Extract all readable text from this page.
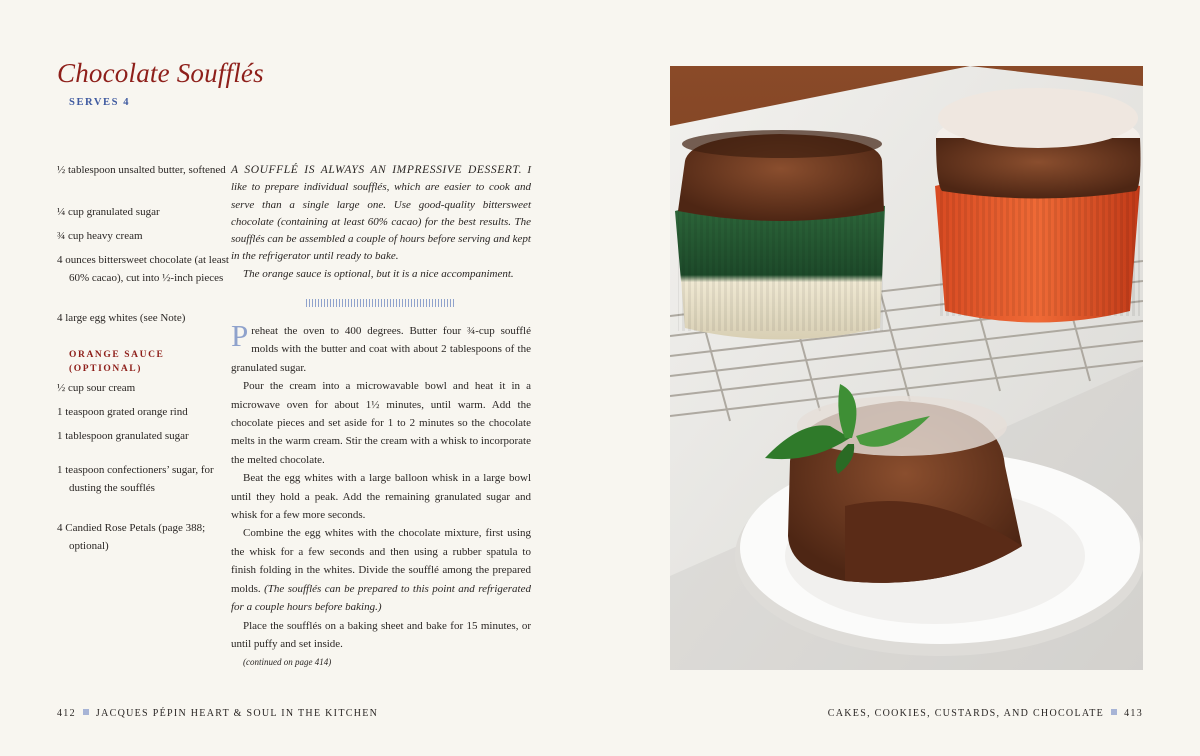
Chocolate Soufflés
SERVES 4
½ tablespoon unsalted butter, softened
¼ cup granulated sugar
¾ cup heavy cream
4 ounces bittersweet chocolate (at least 60% cacao), cut into ½-inch pieces
4 large egg whites (see Note)
ORANGE SAUCE
(OPTIONAL)
½ cup sour cream
1 teaspoon grated orange rind
1 tablespoon granulated sugar
1 teaspoon confectioners’ sugar, for dusting the soufflés
4 Candied Rose Petals (page 388; optional)

A SOUFFLÉ IS ALWAYS AN IMPRESSIVE DESSERT. I like to prepare individual soufflés, which are easier to cook and serve than a single large one. Use good-quality bittersweet chocolate (containing at least 60% cacao) for the best results. The soufflés can be assembled a couple of hours before serving and kept in the refrigerator until ready to bake.

The orange sauce is optional, but it is a nice accompaniment.

Preheat the oven to 400 degrees. Butter four ¾-cup soufflé molds with the butter and coat with about 2 tablespoons of the granulated sugar.

Pour the cream into a microwavable bowl and heat it in a microwave oven for about 1½ minutes, until warm. Add the chocolate pieces and set aside for 1 to 2 minutes so the chocolate melts in the warm cream. Stir the cream with a whisk to incorporate the melted chocolate.

Beat the egg whites with a large balloon whisk in a large bowl until they hold a peak. Add the remaining granulated sugar and whisk for a few more seconds.

Combine the egg whites with the chocolate mixture, first using the whisk for a few seconds and then using a rubber spatula to finish folding in the whites. Divide the soufflé among the prepared molds. (The soufflés can be prepared to this point and refrigerated for a couple hours before baking.)

Place the soufflés on a baking sheet and bake for 15 minutes, or until puffy and set inside.

(continued on page 414)
412 JACQUES PÉPIN HEART & SOUL IN THE KITCHEN	CAKES, COOKIES, CUSTARDS, AND CHOCOLATE 413
